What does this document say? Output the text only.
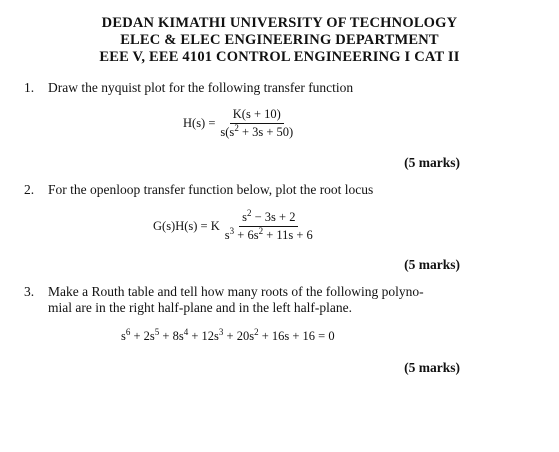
DEDAN KIMATHI UNIVERSITY OF TECHNOLOGY
ELEC & ELEC ENGINEERING DEPARTMENT
EEE V, EEE 4101 CONTROL ENGINEERING I CAT II
1. Draw the nyquist plot for the following transfer function
$H(s) = \frac{K(s + 10)}{s(s^2 + 3s + 50)}$
(5 marks)
2. For the openloop transfer function below, plot the root locus
G(s)H(s) = K $\frac{s^2 - 3s + 2}{s^3 + 6s^2 + 11s + 6}$
(5 marks)
3. Make a Routh table and tell how many roots of the following polyno-
mial are in the right half-plane and in the left half-plane.
$s^6 + 2s^5 + 8s^4 + 12s^3 + 20s^2 + 16s + 16 = 0$
(5 marks)
